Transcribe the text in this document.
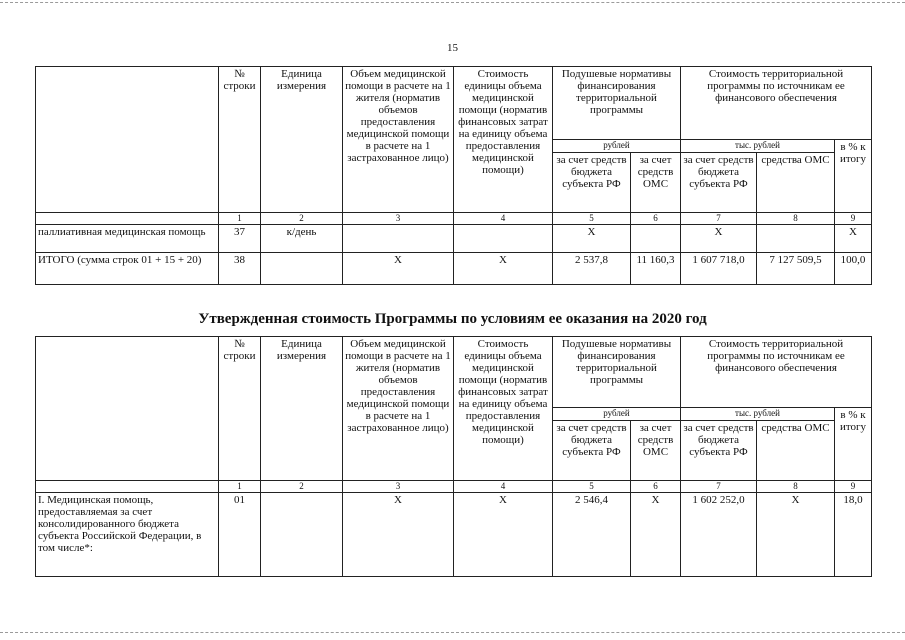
15
	№ строки	Единица измерения	Объем медицинской помощи в расчете на 1 жителя (норматив объемов предоставления медицинской помощи в расчете на 1 застрахованное лицо)	Стоимость единицы объема медицинской помощи (норматив финансовых затрат на единицу объема предоставления медицинской помощи)	Подушевые нормативы финансирования территориальной программы		Стоимость территориальной программы по источникам ее финансового обеспечения		
					рублей		тыс. рублей		в % к итогу
					за счет средств бюджета субъекта РФ	за счет средств ОМС	за счет средств бюджета субъекта РФ	средства ОМС	
	1	2	3	4	5	6	7	8	9
паллиативная медицинская помощь	37	к/день			Х		Х		Х
ИТОГО (сумма строк 01 + 15 + 20)	38		Х	Х	2 537,8	11 160,3	1 607 718,0	7 127 509,5	100,0
Утвержденная стоимость Программы по условиям ее оказания на 2020 год
	№ строки	Единица измерения	Объем медицинской помощи в расчете на 1 жителя (норматив объемов предоставления медицинской помощи в расчете на 1 застрахованное лицо)	Стоимость единицы объема медицинской помощи (норматив финансовых затрат на единицу объема предоставления медицинской помощи)	Подушевые нормативы финансирования территориальной программы		Стоимость территориальной программы по источникам ее финансового обеспечения		
					рублей		тыс. рублей		в % к итогу
					за счет средств бюджета субъекта РФ	за счет средств ОМС	за счет средств бюджета субъекта РФ	средства ОМС	
	1	2	3	4	5	6	7	8	9
I. Медицинская помощь, предоставляемая за счет консолидированного бюджета субъекта Российской Федерации, в том числе*:	01		Х	Х	2 546,4	Х	1 602 252,0	Х	18,0
